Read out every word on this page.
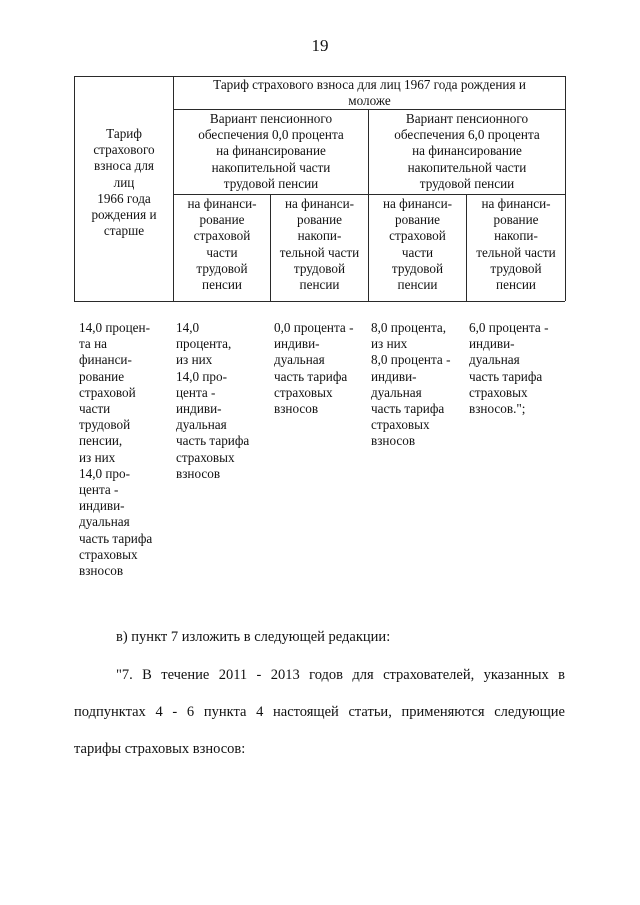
19
Тариф
страхового
взноса для
лиц
1966 года
рождения и
старше
Тариф страхового взноса для лиц 1967 года рождения и
моложе
Вариант пенсионного
обеспечения 0,0 процента
на финансирование
накопительной части
трудовой пенсии
Вариант пенсионного
обеспечения 6,0 процента
на финансирование
накопительной части
трудовой пенсии
на финанси-
рование
страховой
части
трудовой
пенсии
на финанси-
рование
накопи-
тельной части
трудовой
пенсии
на финанси-
рование
страховой
части
трудовой
пенсии
на финанси-
рование
накопи-
тельной части
трудовой
пенсии
14,0 процен-
та на
финанси-
рование
страховой
части
трудовой
пенсии,
из них
14,0 про-
цента -
индиви-
дуальная
часть тарифа
страховых
взносов
14,0
процента,
из них
14,0 про-
цента -
индиви-
дуальная
часть тарифа
страховых
взносов
0,0 процента -
индиви-
дуальная
часть тарифа
страховых
взносов
8,0 процента,
из них
8,0 процента -
индиви-
дуальная
часть тарифа
страховых
взносов
6,0 процента -
индиви-
дуальная
часть тарифа
страховых
взносов.";
в) пункт 7 изложить в следующей редакции:
"7. В течение 2011 - 2013 годов для страхователей, указанных в
подпунктах 4 - 6 пункта 4 настоящей статьи, применяются следующие
тарифы страховых взносов:
